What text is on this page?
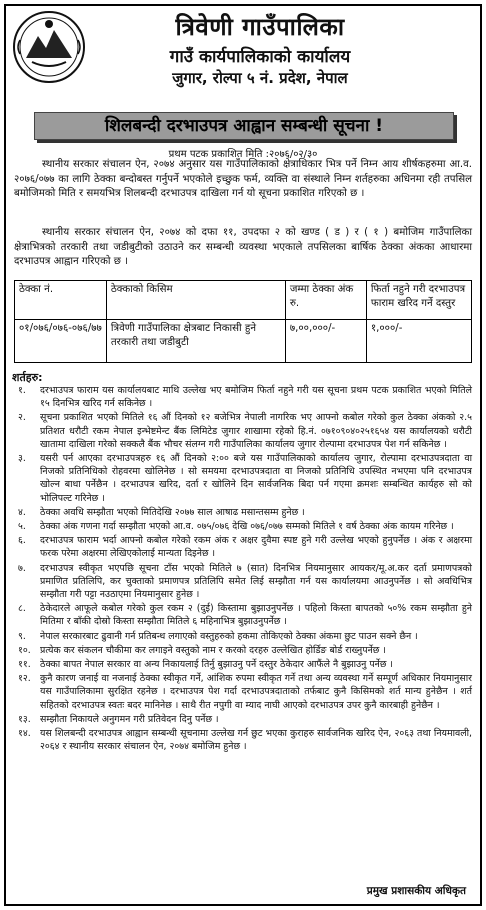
त्रिवेणी गाउँपालिका
गाउँ कार्यपालिकाको कार्यालय
जुगार, रोल्पा ५ नं. प्रदेश, नेपाल
शिलबन्दी दरभाउपत्र आह्वान सम्बन्धी सूचना !
प्रथम पटक प्रकाशित मिति :२०७६/०२/३०
स्थानीय सरकार संचालन ऐन, २०७४ अनुसार यस गाउँपालिकाको क्षेत्राधिकार भित्र पर्ने निम्न आय शीर्षकहरुमा आ.व. २०७६/०७७ का लागि ठेक्का बन्दोबस्त गर्नुपर्ने भएकोले इच्छुक फर्म, व्यक्ति वा संस्थाले निम्न शर्तहरुका अधिनमा रही तपसिल बमोजिमको मिति र समयभित्र शिलबन्दी दरभाउपत्र दाखिला गर्न यो सूचना प्रकाशित गरिएको छ ।
स्थानीय सरकार संचालन ऐन, २०७४ को दफा ११, उपदफा २ को खण्ड ( ड ) र ( १ ) बमोजिम गाउँपालिका क्षेत्राभित्रको तरकारी तथा जडीबुटीको उठाउने कर सम्बन्धी व्यवस्था भएकाले तपसिलका बार्षिक ठेक्का अंकका आधारमा दरभाउपत्र आह्वान गरिएको छ ।
ठेक्का नं.	ठेक्काको किसिम	जम्मा ठेक्का अंक रु.	फिर्ता नहुने गरी दरभाउपत्र फाराम खरिद गर्ने दस्तुर
०१/०७६/०७६-०७६/७७	त्रिवेणी गाउँपालिका क्षेत्रबाट निकासी हुने तरकारी तथा जडीबुटी	७,००,०००/-	१,०००/-
शर्तहरु:
१. दरभाउपत्र फाराम यस कार्यालयबाट माथि उल्लेख भए बमोजिम फिर्ता नहुने गरी यस सूचना प्रथम पटक प्रकाशित भएको मितिले १५ दिनभित्र खरिद गर्न सकिनेछ ।
२. सूचना प्रकाशित भएको मितिले १६ औं दिनको १२ बजेभित्र नेपाली नागरिक भए आफ्नो कबोल गरेको कुल ठेक्का अंकको २.५ प्रतिशत धरौटी रकम नेपाल इन्भेष्टमेन्ट बैंक लिमिटेड जुगार शाखामा रहेको हि.नं. ०७१०९०४०२५१६५४ यस कार्यालयको धरौटी खातामा दाखिला गरेको सक्कलै बैंक भौचर संलग्न गरी गाउँपालिका कार्यालय जुगार रोल्पामा दरभाउपत्र पेश गर्न सकिनेछ ।
३. यसरी पर्न आएका दरभाउपत्रहरु १६ औं दिनको २:०० बजे यस गाउँपालिकाको कार्यालय जुगार, रोल्पामा दरभाउपत्रदाता वा निजको प्रतिनिधिको रोहवरमा खोलिनेछ । सो समयमा दरभाउपत्रदाता वा निजको प्रतिनिधि उपस्थित नभएमा पनि दरभाउपत्र खोल्न बाधा पर्नेछैन । दरभाउपत्र खरिद, दर्ता र खोलिने दिन सार्वजनिक बिदा पर्न गएमा क्रमशः सम्बन्धित कार्यहरु सो को भोलिपल्ट गरिनेछ ।
४. ठेक्का अवधि सम्झौता भएको मितिदेखि २०७७ साल आषाढ मसान्तसम्म हुनेछ ।
५. ठेक्का अंक गणना गर्दा सम्झौता भएको आ.व. ०७५/०७६ देखि ०७६/०७७ सम्मको मितिले १ वर्ष ठेक्का अंक कायम गरिनेछ ।
६. दरभाउपत्र फाराम भर्दा आफ्नो कबोल गरेको रकम अंक र अक्षर दुवैमा स्पष्ट हुने गरी उल्लेख भएको हुनुपर्नेछ । अंक र अक्षरमा फरक परेमा अक्षरमा लेखिएकोलाई मान्यता दिइनेछ ।
७. दरभाउपत्र स्वीकृत भएपछि सूचना टाँस भएको मितिले ७ (सात) दिनभित्र नियमानुसार आयकर/मू.अ.कर दर्ता प्रमाणपत्रको प्रमाणित प्रतिलिपि, कर चुक्ताको प्रमाणपत्र प्रतिलिपि समेत लिई सम्झौता गर्न यस कार्यालयमा आउनुपर्नेछ । सो अवधिभित्र सम्झौता गरी पट्टा नउठाएमा नियमानुसार हुनेछ ।
८. ठेकेदारले आफूले कबोल गरेको कुल रकम २ (दुई) किस्तामा बुझाउनुपर्नेछ । पहिलो किस्ता बापतको ५०% रकम सम्झौता हुने मितिमा र बाँकी दोस्रो किस्ता सम्झौता मितिले ६ महिनाभित्र बुझाउनुपर्नेछ ।
९. नेपाल सरकारबाट ढुवानी गर्न प्रतिबन्ध लगाएको वस्तुहरुको हकमा तोकिएको ठेक्का अंकमा छुट पाउन सक्ने छैन ।
१०. प्रत्येक कर संकलन चौकीमा कर लगाइने वस्तुको नाम र करको दरहरु उल्लेखित होर्डिङ बोर्ड राख्नुपर्नेछ ।
११. ठेक्का बापत नेपाल सरकार वा अन्य निकायलाई तिर्नु बुझाउनु पर्ने दस्तुर ठेकेदार आफैंले नै बुझाउनु पर्नेछ ।
१२. कुनै कारण जनाई वा नजनाई ठेक्का स्वीकृत गर्ने, आंशिक रुपमा स्वीकृत गर्ने तथा अन्य व्यवस्था गर्ने सम्पूर्ण अधिकार नियमानुसार यस गाउँपालिकामा सुरक्षित रहनेछ । दरभाउपत्र पेश गर्दा दरभाउपत्रदाताको तर्फबाट कुनै किसिमको शर्त मान्य हुनेछैन । शर्त सहितको दरभाउपत्र स्वतः बदर मानिनेछ । साथै रीत नपुगी वा म्याद नाघी आएको दरभाउपत्र उपर कुनै कारबाही हुनेछैन ।
१३. सम्झौता निकायले अनुगमन गरी प्रतिवेदन दिनु पर्नेछ ।
१४. यस शिलबन्दी दरभाउपत्र आह्वान सम्बन्धी सूचनामा उल्लेख गर्न छुट भएका कुराहरु सार्वजनिक खरिद ऐन, २०६३ तथा नियमावली, २०६४ र स्थानीय सरकार संचालन ऐन, २०७४ बमोजिम हुनेछ ।
प्रमुख प्रशासकीय अधिकृत
